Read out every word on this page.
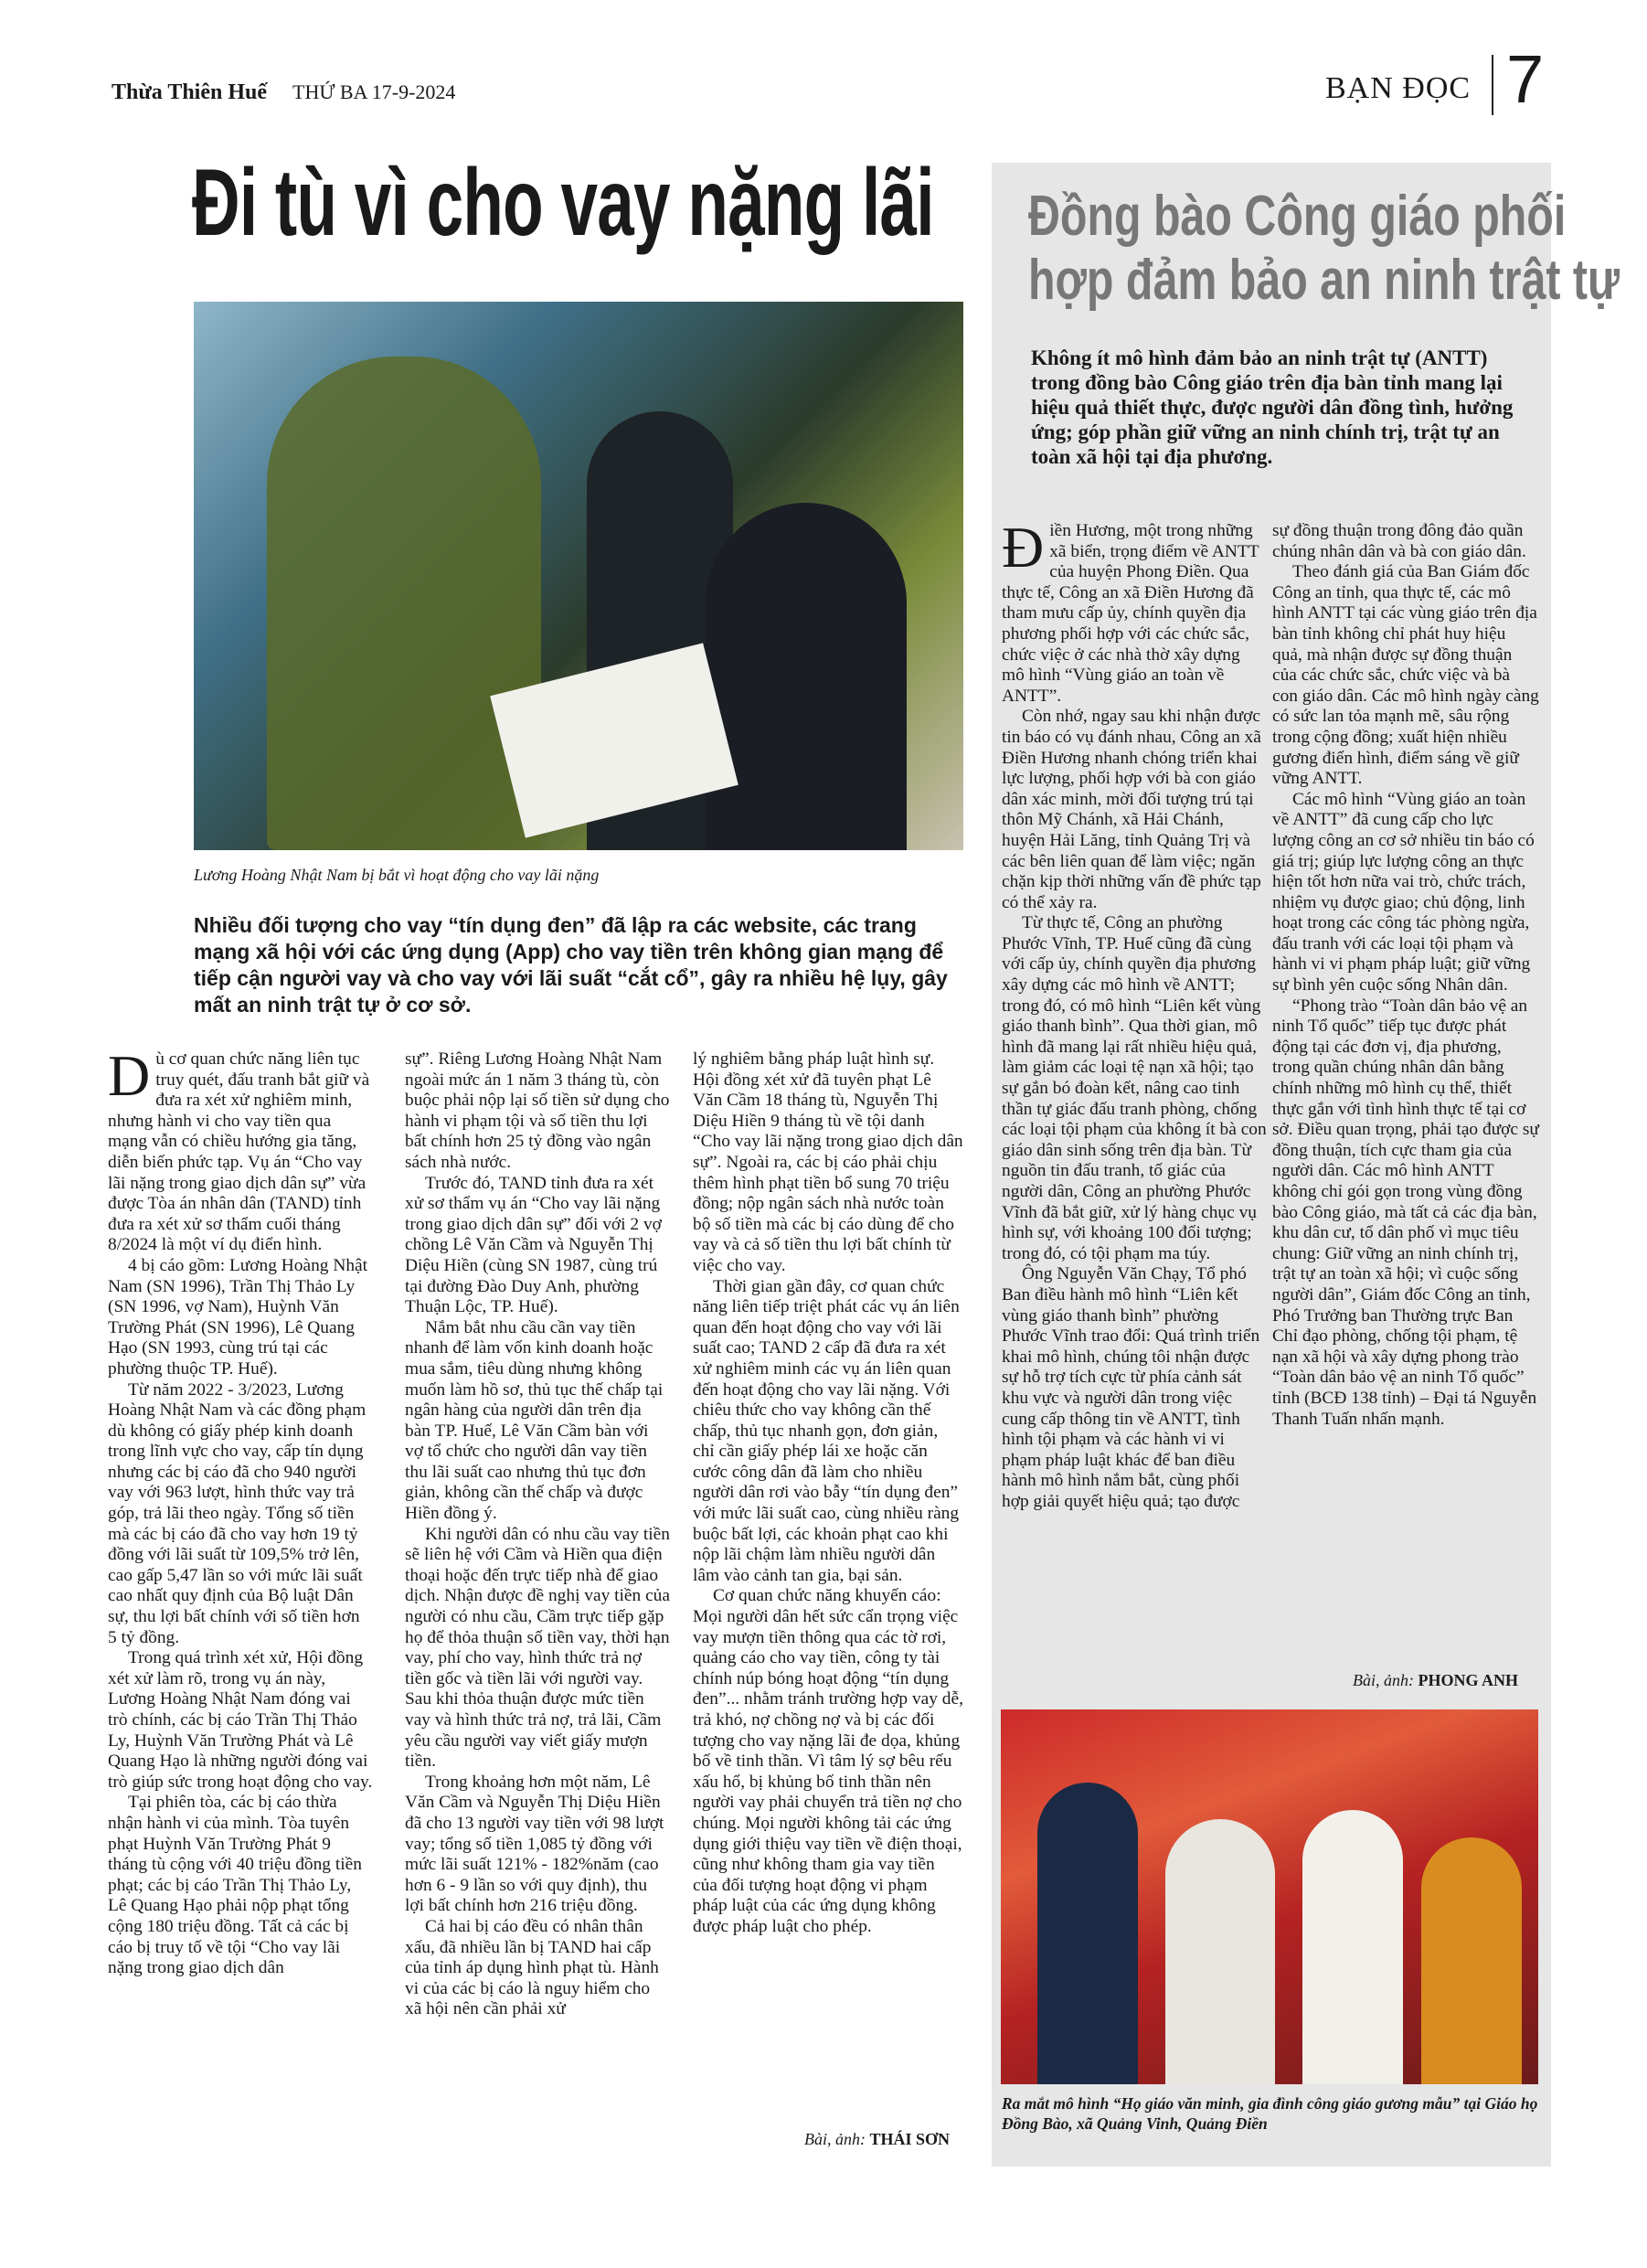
Thừa Thiên Huế THỨ BA 17-9-2024	BẠN ĐỌC 7
Đi tù vì cho vay nặng lãi
Lương Hoàng Nhật Nam bị bắt vì hoạt động cho vay lãi nặng
Nhiều đối tượng cho vay “tín dụng đen” đã lập ra các website, các trang mạng xã hội với các ứng dụng (App) cho vay tiền trên không gian mạng để tiếp cận người vay và cho vay với lãi suất “cắt cổ”, gây ra nhiều hệ lụy, gây mất an ninh trật tự ở cơ sở.

Dù cơ quan chức năng liên tục truy quét, đấu tranh bắt giữ và đưa ra xét xử nghiêm minh, nhưng hành vi cho vay tiền qua mạng vẫn có chiều hướng gia tăng, diễn biến phức tạp. Vụ án “Cho vay lãi nặng trong giao dịch dân sự” vừa được Tòa án nhân dân (TAND) tỉnh đưa ra xét xử sơ thẩm cuối tháng 8/2024 là một ví dụ điển hình.

4 bị cáo gồm: Lương Hoàng Nhật Nam (SN 1996), Trần Thị Thảo Ly (SN 1996, vợ Nam), Huỳnh Văn Trường Phát (SN 1996), Lê Quang Hạo (SN 1993, cùng trú tại các phường thuộc TP. Huế).

Từ năm 2022 - 3/2023, Lương Hoàng Nhật Nam và các đồng phạm dù không có giấy phép kinh doanh trong lĩnh vực cho vay, cấp tín dụng nhưng các bị cáo đã cho 940 người vay với 963 lượt, hình thức vay trả góp, trả lãi theo ngày. Tổng số tiền mà các bị cáo đã cho vay hơn 19 tỷ đồng với lãi suất từ 109,5% trở lên, cao gấp 5,47 lần so với mức lãi suất cao nhất quy định của Bộ luật Dân sự, thu lợi bất chính với số tiền hơn 5 tỷ đồng.

Trong quá trình xét xử, Hội đồng xét xử làm rõ, trong vụ án này, Lương Hoàng Nhật Nam đóng vai trò chính, các bị cáo Trần Thị Thảo Ly, Huỳnh Văn Trường Phát và Lê Quang Hạo là những người đóng vai trò giúp sức trong hoạt động cho vay.

Tại phiên tòa, các bị cáo thừa nhận hành vi của mình. Tòa tuyên phạt Huỳnh Văn Trường Phát 9 tháng tù cộng với 40 triệu đồng tiền phạt; các bị cáo Trần Thị Thảo Ly, Lê Quang Hạo phải nộp phạt tổng cộng 180 triệu đồng. Tất cả các bị cáo bị truy tố về tội “Cho vay lãi nặng trong giao dịch dân

sự”. Riêng Lương Hoàng Nhật Nam ngoài mức án 1 năm 3 tháng tù, còn buộc phải nộp lại số tiền sử dụng cho hành vi phạm tội và số tiền thu lợi bất chính hơn 25 tỷ đồng vào ngân sách nhà nước.

Trước đó, TAND tỉnh đưa ra xét xử sơ thẩm vụ án “Cho vay lãi nặng trong giao dịch dân sự” đối với 2 vợ chồng Lê Văn Cầm và Nguyễn Thị Diệu Hiền (cùng SN 1987, cùng trú tại đường Đào Duy Anh, phường Thuận Lộc, TP. Huế).

Nắm bắt nhu cầu cần vay tiền nhanh để làm vốn kinh doanh hoặc mua sắm, tiêu dùng nhưng không muốn làm hồ sơ, thủ tục thế chấp tại ngân hàng của người dân trên địa bàn TP. Huế, Lê Văn Cầm bàn với vợ tổ chức cho người dân vay tiền thu lãi suất cao nhưng thủ tục đơn giản, không cần thế chấp và được Hiền đồng ý.

Khi người dân có nhu cầu vay tiền sẽ liên hệ với Cầm và Hiền qua điện thoại hoặc đến trực tiếp nhà để giao dịch. Nhận được đề nghị vay tiền của người có nhu cầu, Cầm trực tiếp gặp họ để thỏa thuận số tiền vay, thời hạn vay, phí cho vay, hình thức trả nợ tiền gốc và tiền lãi với người vay. Sau khi thỏa thuận được mức tiền vay và hình thức trả nợ, trả lãi, Cầm yêu cầu người vay viết giấy mượn tiền.

Trong khoảng hơn một năm, Lê Văn Cầm và Nguyễn Thị Diệu Hiền đã cho 13 người vay tiền với 98 lượt vay; tổng số tiền 1,085 tỷ đồng với mức lãi suất 121% - 182%năm (cao hơn 6 - 9 lần so với quy định), thu lợi bất chính hơn 216 triệu đồng.

Cả hai bị cáo đều có nhân thân xấu, đã nhiều lần bị TAND hai cấp của tỉnh áp dụng hình phạt tù. Hành vi của các bị cáo là nguy hiểm cho xã hội nên cần phải xử

lý nghiêm bằng pháp luật hình sự. Hội đồng xét xử đã tuyên phạt Lê Văn Cầm 18 tháng tù, Nguyễn Thị Diệu Hiền 9 tháng tù về tội danh “Cho vay lãi nặng trong giao dịch dân sự”. Ngoài ra, các bị cáo phải chịu thêm hình phạt tiền bổ sung 70 triệu đồng; nộp ngân sách nhà nước toàn bộ số tiền mà các bị cáo dùng để cho vay và cả số tiền thu lợi bất chính từ việc cho vay.

Thời gian gần đây, cơ quan chức năng liên tiếp triệt phát các vụ án liên quan đến hoạt động cho vay với lãi suất cao; TAND 2 cấp đã đưa ra xét xử nghiêm minh các vụ án liên quan đến hoạt động cho vay lãi nặng. Với chiêu thức cho vay không cần thế chấp, thủ tục nhanh gọn, đơn giản, chỉ cần giấy phép lái xe hoặc căn cước công dân đã làm cho nhiều người dân rơi vào bẫy “tín dụng đen” với mức lãi suất cao, cùng nhiều ràng buộc bất lợi, các khoản phạt cao khi nộp lãi chậm làm nhiều người dân lâm vào cảnh tan gia, bại sản.

Cơ quan chức năng khuyến cáo: Mọi người dân hết sức cẩn trọng việc vay mượn tiền thông qua các tờ rơi, quảng cáo cho vay tiền, công ty tài chính núp bóng hoạt động “tín dụng đen”... nhằm tránh trường hợp vay dễ, trả khó, nợ chồng nợ và bị các đối tượng cho vay nặng lãi đe dọa, khủng bố về tinh thần. Vì tâm lý sợ bêu rếu xấu hổ, bị khủng bố tinh thần nên người vay phải chuyển trả tiền nợ cho chúng. Mọi người không tải các ứng dụng giới thiệu vay tiền về điện thoại, cũng như không tham gia vay tiền của đối tượng hoạt động vi phạm pháp luật của các ứng dụng không được pháp luật cho phép.

Bài, ảnh: THÁI SƠN
Đồng bào Công giáo phối
hợp đảm bảo an ninh trật tự
Không ít mô hình đảm bảo an ninh trật tự (ANTT) trong đồng bào Công giáo trên địa bàn tỉnh mang lại hiệu quả thiết thực, được người dân đồng tình, hưởng ứng; góp phần giữ vững an ninh chính trị, trật tự an toàn xã hội tại địa phương.

Điền Hương, một trong những xã biển, trọng điểm về ANTT của huyện Phong Điền. Qua thực tế, Công an xã Điền Hương đã tham mưu cấp ủy, chính quyền địa phương phối hợp với các chức sắc, chức việc ở các nhà thờ xây dựng mô hình “Vùng giáo an toàn về ANTT”.

Còn nhớ, ngay sau khi nhận được tin báo có vụ đánh nhau, Công an xã Điền Hương nhanh chóng triển khai lực lượng, phối hợp với bà con giáo dân xác minh, mời đối tượng trú tại thôn Mỹ Chánh, xã Hải Chánh, huyện Hải Lăng, tỉnh Quảng Trị và các bên liên quan để làm việc; ngăn chặn kịp thời những vấn đề phức tạp có thể xảy ra.

Từ thực tế, Công an phường Phước Vĩnh, TP. Huế cũng đã cùng với cấp ủy, chính quyền địa phương xây dựng các mô hình về ANTT; trong đó, có mô hình “Liên kết vùng giáo thanh bình”. Qua thời gian, mô hình đã mang lại rất nhiều hiệu quả, làm giảm các loại tệ nạn xã hội; tạo sự gắn bó đoàn kết, nâng cao tinh thần tự giác đấu tranh phòng, chống các loại tội phạm của không ít bà con giáo dân sinh sống trên địa bàn. Từ nguồn tin đấu tranh, tố giác của người dân, Công an phường Phước Vĩnh đã bắt giữ, xử lý hàng chục vụ hình sự, với khoảng 100 đối tượng; trong đó, có tội phạm ma túy.

Ông Nguyễn Văn Chạy, Tổ phó Ban điều hành mô hình “Liên kết vùng giáo thanh bình” phường Phước Vĩnh trao đổi: Quá trình triển khai mô hình, chúng tôi nhận được sự hỗ trợ tích cực từ phía cảnh sát khu vực và người dân trong việc cung cấp thông tin về ANTT, tình hình tội phạm và các hành vi vi phạm pháp luật khác để ban điều hành mô hình nắm bắt, cùng phối hợp giải quyết hiệu quả; tạo được

sự đồng thuận trong đông đảo quần chúng nhân dân và bà con giáo dân.

Theo đánh giá của Ban Giám đốc Công an tỉnh, qua thực tế, các mô hình ANTT tại các vùng giáo trên địa bàn tỉnh không chỉ phát huy hiệu quả, mà nhận được sự đồng thuận của các chức sắc, chức việc và bà con giáo dân. Các mô hình ngày càng có sức lan tỏa mạnh mẽ, sâu rộng trong cộng đồng; xuất hiện nhiều gương điển hình, điểm sáng về giữ vững ANTT.

Các mô hình “Vùng giáo an toàn về ANTT” đã cung cấp cho lực lượng công an cơ sở nhiều tin báo có giá trị; giúp lực lượng công an thực hiện tốt hơn nữa vai trò, chức trách, nhiệm vụ được giao; chủ động, linh hoạt trong các công tác phòng ngừa, đấu tranh với các loại tội phạm và hành vi vi phạm pháp luật; giữ vững sự bình yên cuộc sống Nhân dân.

“Phong trào “Toàn dân bảo vệ an ninh Tổ quốc” tiếp tục được phát động tại các đơn vị, địa phương, trong quần chúng nhân dân bằng chính những mô hình cụ thể, thiết thực gắn với tình hình thực tế tại cơ sở. Điều quan trọng, phải tạo được sự đồng thuận, tích cực tham gia của người dân. Các mô hình ANTT không chỉ gói gọn trong vùng đồng bào Công giáo, mà tất cả các địa bàn, khu dân cư, tổ dân phố vì mục tiêu chung: Giữ vững an ninh chính trị, trật tự an toàn xã hội; vì cuộc sống người dân”, Giám đốc Công an tỉnh, Phó Trưởng ban Thường trực Ban Chỉ đạo phòng, chống tội phạm, tệ nạn xã hội và xây dựng phong trào “Toàn dân bảo vệ an ninh Tổ quốc” tỉnh (BCĐ 138 tỉnh) – Đại tá Nguyễn Thanh Tuấn nhấn mạnh.

Bài, ảnh: PHONG ANH
Ra mắt mô hình “Họ giáo văn minh, gia đình công giáo gương mẫu” tại Giáo họ Đồng Bào, xã Quảng Vinh, Quảng Điền
